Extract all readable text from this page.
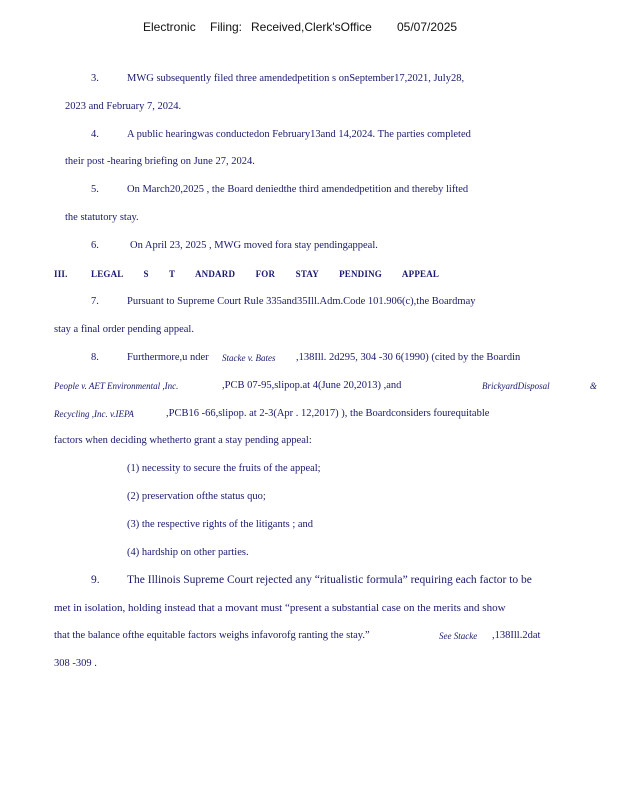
Electronic Filing: Received,Clerk'sOffice 05/07/2025
3.	MWG subsequently filed three amendedpetition s onSeptember17,2021, July28,
2023 and February 7, 2024.
4.	A public hearingwas conductedon February13and 14,2024. The parties completed
their post -hearing briefing on June 27, 2024.
5.	On March20,2025 , the Board deniedthe third amendedpetition and thereby lifted
the statutory stay.
6.	On April 23, 2025 , MWG moved fora stay pendingappeal.
III.	LEGAL S T ANDARD FOR STAY PENDING APPEAL
7.	Pursuant to Supreme Court Rule 335and35Ill.Adm.Code 101.906(c),the Boardmay
stay a final order pending appeal.
8.	Furthermore,u nder Stacke v. Bates ,138Ill. 2d295, 304 -30 6(1990) (cited by the Boardin
People v. AET Environmental ,Inc.	,PCB 07-95,slipop.at 4(June 20,2013) ,and	BrickyardDisposal &
Recycling ,Inc. v.IEPA	,PCB16 -66,slipop. at 2-3(Apr . 12,2017) ), the Boardconsiders fourequitable
factors when deciding whetherto grant a stay pending appeal:
(1) necessity to secure the fruits of the appeal;
(2) preservation ofthe status quo;
(3) the respective rights of the litigants ; and
(4) hardship on other parties.
9. The Illinois Supreme Court rejected any “ritualistic formula” requiring each factor to be
met in isolation, holding instead that a movant must “present a substantial case on the merits and show
that the balance ofthe equitable factors weighs infavorofg ranting the stay.”	See Stacke ,138Ill.2dat
308 -309 .
